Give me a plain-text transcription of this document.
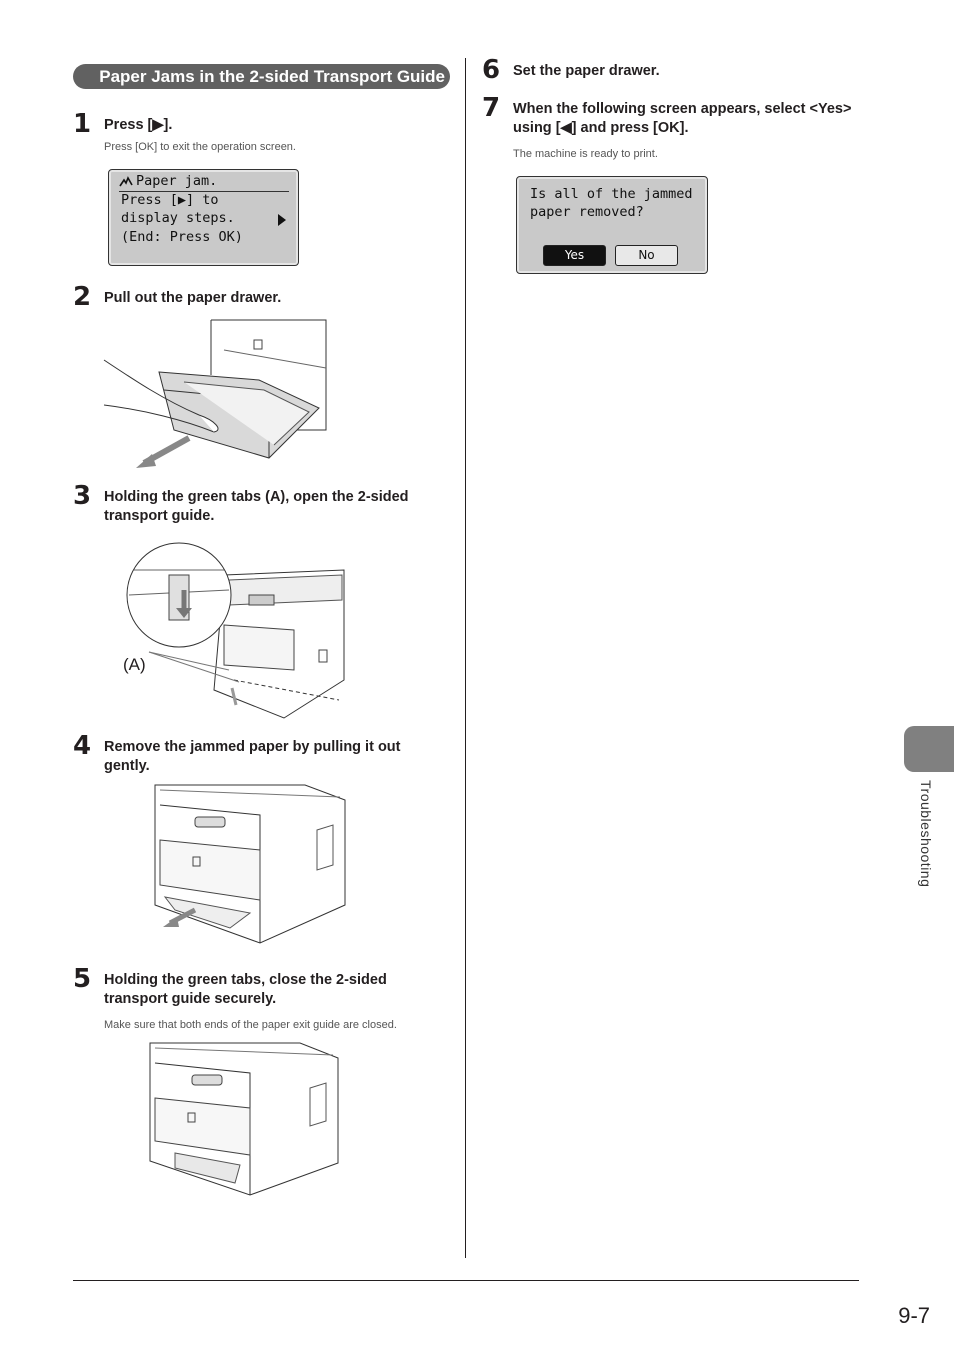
Paper Jams in the 2-sided Transport Guide
1 Press [▶].
Press [OK] to exit the operation screen.
Paper jam.
Press [▶] to
display steps.
(End: Press OK)
2 Pull out the paper drawer.
3 Holding the green tabs (A), open the 2-sided
transport guide.
(A)
4 Remove the jammed paper by pulling it out
gently.
5 Holding the green tabs, close the 2-sided
transport guide securely.
Make sure that both ends of the paper exit guide are closed.
6 Set the paper drawer.
7 When the following screen appears, select <Yes>
using [◀] and press [OK].
The machine is ready to print.
Is all of the jammed
paper removed?
Yes	No
Troubleshooting
9-7
